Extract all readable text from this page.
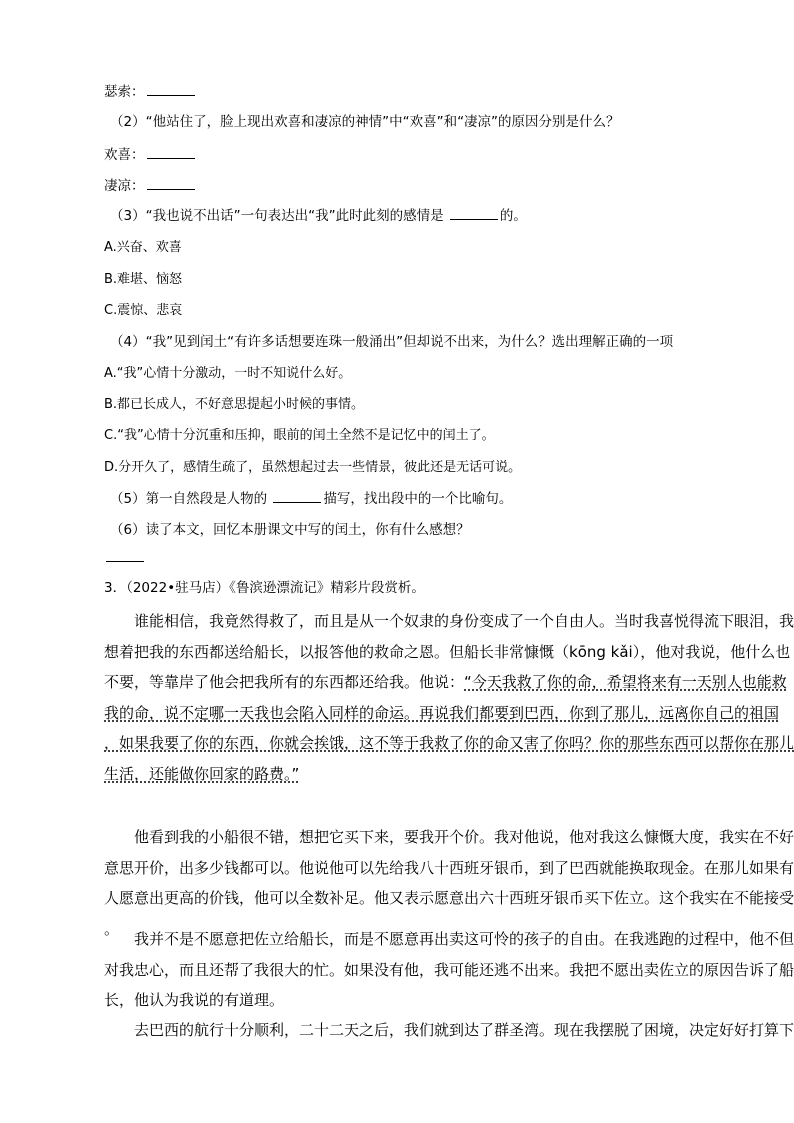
瑟索：
（2）“他站住了，脸上现出欢喜和凄凉的神情”中“欢喜”和“凄凉”的原因分别是什么？
欢喜：
凄凉：
（3）“我也说不出话”一句表达出“我”此时此刻的感情是	的。
A.兴奋、欢喜
B.难堪、恼怒
C.震惊、悲哀
（4）“我”见到闰土“有许多话想要连珠一般涌出”但却说不出来，为什么？选出理解正确的一项
A.“我”心情十分激动，一时不知说什么好。
B.都已长成人，不好意思提起小时候的事情。
C.“我”心情十分沉重和压抑，眼前的闰土全然不是记忆中的闰土了。
D.分开久了，感情生疏了，虽然想起过去一些情景，彼此还是无话可说。
（5）第一自然段是人物的	描写，找出段中的一个比喻句。
（6）读了本文，回忆本册课文中写的闰土，你有什么感想？
3．（2022•驻马店）《鲁滨逊漂流记》精彩片段赏析。
谁能相信，我竟然得救了，而且是从一个奴隶的身份变成了一个自由人。当时我喜悦得流下眼泪，我
想着把我的东西都送给船长，以报答他的救命之恩。但船长非常慷慨（kōng kǎi），他对我说，他什么也
不要，等靠岸了他会把我所有的东西都还给我。他说：“今天我救了你的命，希望将来有一天别人也能救
我的命，说不定哪一天我也会陷入同样的命运。再说我们都要到巴西，你到了那儿，远离你自己的祖国
，如果我要了你的东西，你就会挨饿，这不等于我救了你的命又害了你吗？你的那些东西可以帮你在那儿
生活，还能做你回家的路费。”
他看到我的小船很不错，想把它买下来，要我开个价。我对他说，他对我这么慷慨大度，我实在不好
意思开价，出多少钱都可以。他说他可以先给我八十西班牙银币，到了巴西就能换取现金。在那儿如果有
人愿意出更高的价钱，他可以全数补足。他又表示愿意出六十西班牙银币买下佐立。这个我实在不能接受
。
我并不是不愿意把佐立给船长，而是不愿意再出卖这可怜的孩子的自由。在我逃跑的过程中，他不但
对我忠心，而且还帮了我很大的忙。如果没有他，我可能还逃不出来。我把不愿出卖佐立的原因告诉了船
长，他认为我说的有道理。
去巴西的航行十分顺利，二十二天之后，我们就到达了群圣湾。现在我摆脱了困境，决定好好打算下
